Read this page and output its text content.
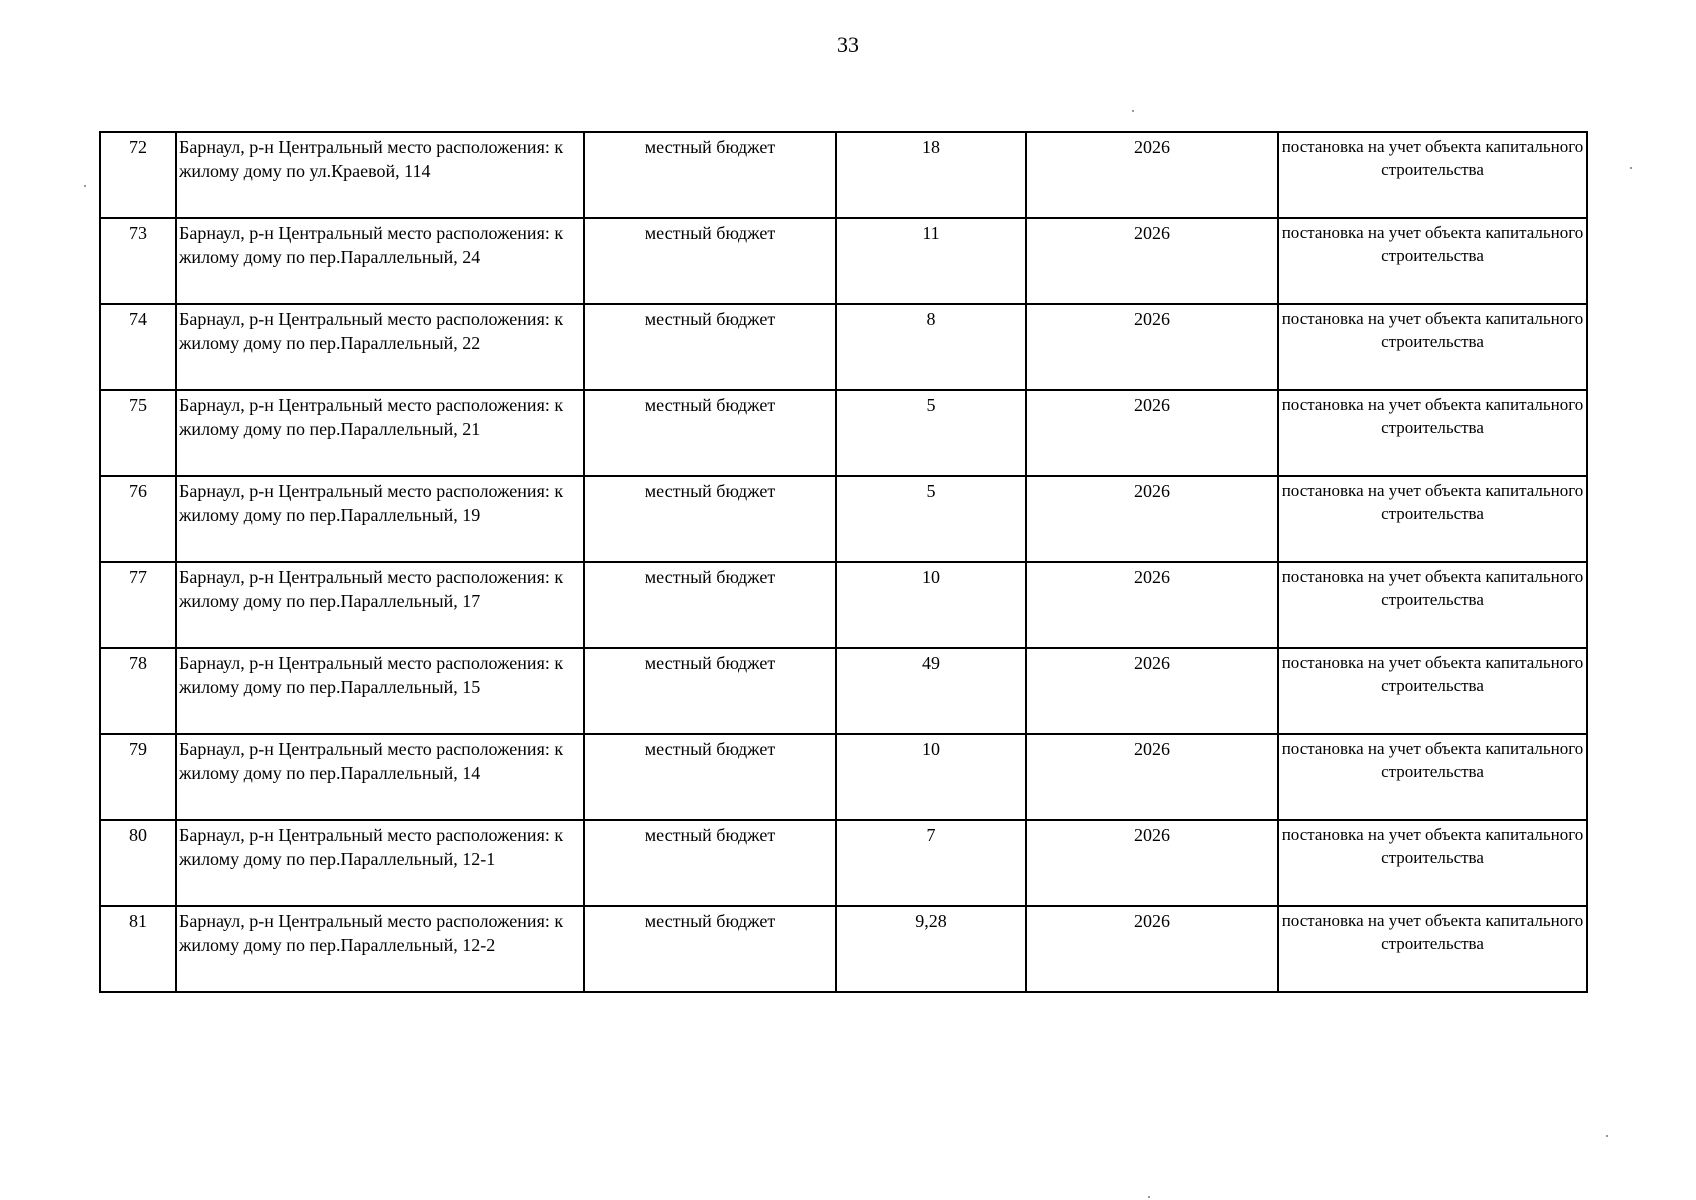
33
72	Барнаул, р-н Центральный место расположения: к жилому дому по ул.Краевой, 114	местный бюджет	18	2026	постановка на учет объекта капитального строительства
73	Барнаул, р-н Центральный место расположения: к жилому дому по пер.Параллельный, 24	местный бюджет	11	2026	постановка на учет объекта капитального строительства
74	Барнаул, р-н Центральный место расположения: к жилому дому по пер.Параллельный, 22	местный бюджет	8	2026	постановка на учет объекта капитального строительства
75	Барнаул, р-н Центральный место расположения: к жилому дому по пер.Параллельный, 21	местный бюджет	5	2026	постановка на учет объекта капитального строительства
76	Барнаул, р-н Центральный место расположения: к жилому дому по пер.Параллельный, 19	местный бюджет	5	2026	постановка на учет объекта капитального строительства
77	Барнаул, р-н Центральный место расположения: к жилому дому по пер.Параллельный, 17	местный бюджет	10	2026	постановка на учет объекта капитального строительства
78	Барнаул, р-н Центральный место расположения: к жилому дому по пер.Параллельный, 15	местный бюджет	49	2026	постановка на учет объекта капитального строительства
79	Барнаул, р-н Центральный место расположения: к жилому дому по пер.Параллельный, 14	местный бюджет	10	2026	постановка на учет объекта капитального строительства
80	Барнаул, р-н Центральный место расположения: к жилому дому по пер.Параллельный, 12-1	местный бюджет	7	2026	постановка на учет объекта капитального строительства
81	Барнаул, р-н Центральный место расположения: к жилому дому по пер.Параллельный, 12-2	местный бюджет	9,28	2026	постановка на учет объекта капитального строительства
